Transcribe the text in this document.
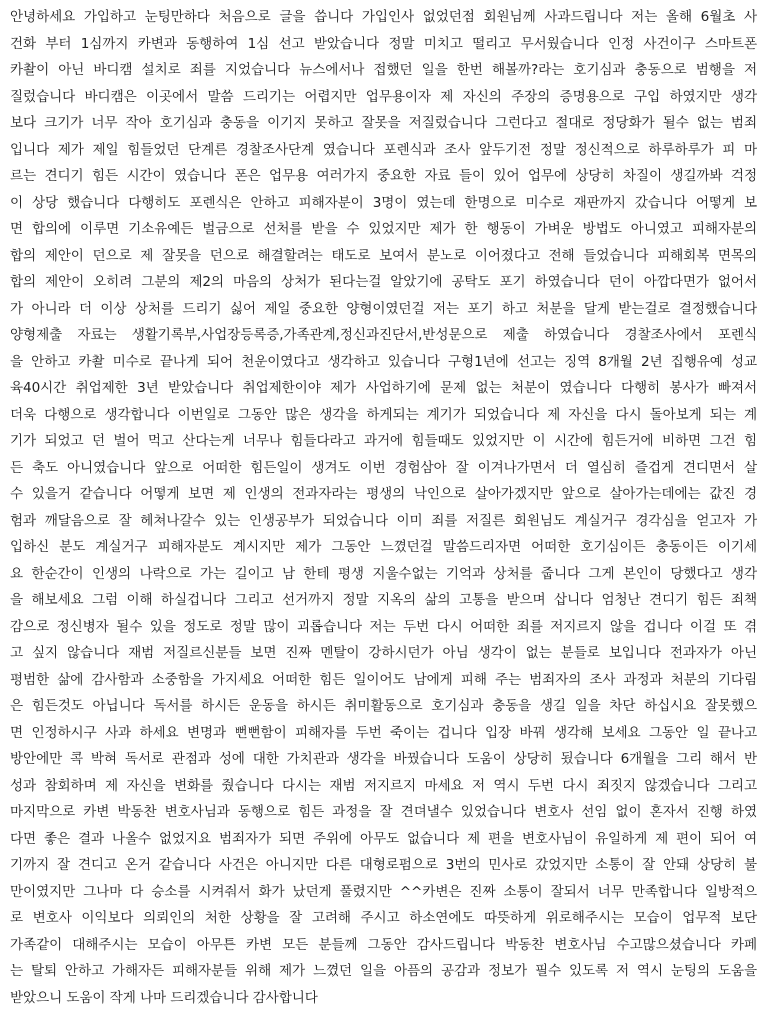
안녕하세요 가입하고 눈팅만하다 처음으로 글을 씁니다 가입인사 없었던점 회원님께 사과드립니다 저는 올해 6월초 사
건화 부터 1심까지 카변과 동행하여 1심 선고 받았습니다 정말 미치고 떨리고 무서웠습니다 인정 사건이구 스마트폰
카촬이 아닌 바디캠 설치로 죄를 지었습니다 뉴스에서나 접했던 일을 한번 해볼까?라는 호기심과 충동으로 범행을 저
질렀습니다 바디캠은 이곳에서 말씀 드리기는 어렵지만 업무용이자 제 자신의 주장의 증명용으로 구입 하였지만 생각
보다 크기가 너무 작아 호기심과 충동을 이기지 못하고 잘못을 저질렀습니다 그런다고 절대로 정당화가 될수 없는 범죄
입니다 제가 제일 힘들었던 단계른 경찰조사단계 였습니다 포렌식과 조사 앞두기전 정말 정신적으로 하루하루가 피 마
르는 견디기 힘든 시간이 였습니다 폰은 업무용 여러가지 중요한 자료 들이 있어 업무에 상당히 차질이 생길까봐 걱정
이 상당 했습니다 다행히도 포렌식은 안하고 피해자분이 3명이 였는데 한명으로 미수로 재판까지 갔습니다 어떻게 보
면 합의에 이루면 기소유예든 벌금으로 선처를 받을 수 있었지만 제가 한 행동이 가벼운 방법도 아니였고 피해자분의
합의 제안이 던으로 제 잘못을 던으로 해결할려는 태도로 보여서 분노로 이어졌다고 전해 들었습니다 피해회복 면목의
합의 제안이 오히려 그분의 제2의 마음의 상처가 된다는걸 알았기에 공탁도 포기 하였습니다 던이 아깝다면가 없어서
가 아니라 더 이상 상처를 드리기 싫어 제일 중요한 양형이였던걸 저는 포기 하고 처분을 달게 받는걸로 결정했습니다
양형제출 자료는 생활기록부,사업장등록증,가족관계,정신과진단서,반성문으로 제출 하였습니다 경찰조사에서 포렌식
을 안하고 카촬 미수로 끝나게 되어 천운이였다고 생각하고 있습니다 구형1년에 선고는 징역 8개월 2년 집행유예 성교
육40시간 취업제한 3년 받았습니다 취업제한이야 제가 사업하기에 문제 없는 처분이 였습니다 다행히 봉사가 빠져서
더욱 다행으로 생각합니다 이번일로 그동안 많은 생각을 하게되는 계기가 되었습니다 제 자신을 다시 돌아보게 되는 계
기가 되었고 던 벌어 먹고 산다는게 너무나 힘들다라고 과거에 힘들때도 있었지만 이 시간에 힘든거에 비하면 그건 힘
든 축도 아니였습니다 앞으로 어떠한 힘든일이 생겨도 이번 경험삼아 잘 이겨나가면서 더 열심히 즐겁게 견디면서 살
수 있을거 같습니다 어떻게 보면 제 인생의 전과자라는 평생의 낙인으로 살아가겠지만 앞으로 살아가는데에는 값진 경
험과 깨달음으로 잘 헤쳐나갈수 있는 인생공부가 되었습니다 이미 죄를 저질른 회원님도 계실거구 경각심을 얻고자 가
입하신 분도 계실거구 피해자분도 계시지만 제가 그동안 느꼈던걸 말씀드리자면 어떠한 호기심이든 충동이든 이기세
요 한순간이 인생의 나락으로 가는 길이고 남 한테 평생 지울수없는 기억과 상처를 줍니다 그게 본인이 당했다고 생각
을 해보세요 그럼 이해 하실겁니다 그리고 선거까지 정말 지옥의 삶의 고통을 받으며 삽니다 엄청난 견디기 힘든 죄책
감으로 정신병자 될수 있을 정도로 정말 많이 괴롭습니다 저는 두번 다시 어떠한 죄를 저지르지 않을 겁니다 이걸 또 겪
고 싶지 않습니다 재범 저질르신분들 보면 진짜 멘탈이 강하시던가 아님 생각이 없는 분들로 보입니다 전과자가 아닌
평범한 삶에 감사함과 소중함을 가지세요 어떠한 힘든 일이어도 남에게 피해 주는 범죄자의 조사 과정과 처분의 기다림
은 힘든것도 아닙니다 독서를 하시든 운동을 하시든 취미활동으로 호기심과 충동을 생길 일을 차단 하십시요 잘못했으
면 인정하시구 사과 하세요 변명과 뻔뻔함이 피해자를 두번 죽이는 겁니다 입장 바꿔 생각해 보세요 그동안 일 끝나고
방안에만 콕 박혀 독서로 관점과 성에 대한 가치관과 생각을 바꿨습니다 도움이 상당히 됬습니다 6개월을 그리 해서 반
성과 참회하며 제 자신을 변화를 줬습니다 다시는 재범 저지르지 마세요 저 역시 두번 다시 죄짓지 않겠습니다 그리고
마지막으로 카변 박동찬 변호사님과 동행으로 힘든 과정을 잘 견뎌낼수 있었습니다 변호사 선임 없이 혼자서 진행 하였
다면 좋은 결과 나올수 없었지요 범죄자가 되면 주위에 아무도 없습니다 제 편을 변호사님이 유일하게 제 편이 되어 여
기까지 잘 견디고 온거 같습니다 사건은 아니지만 다른 대형로펌으로 3번의 민사로 갔었지만 소통이 잘 안돼 상당히 불
만이였지만 그나마 다 승소를 시켜줘서 화가 났던게 풀렸지만 ^^카변은 진짜 소통이 잘되서 너무 만족합니다 일방적으
로 변호사 이익보다 의뢰인의 처한 상황을 잘 고려해 주시고 하소연에도 따뜻하게 위로해주시는 모습이 업무적 보단
가족같이 대해주시는 모습이 아무튼 카변 모든 분들께 그동안 감사드립니다 박동찬 변호사님 수고많으셨습니다 카페
는 탈퇴 안하고 가해자든 피해자분들 위해 제가 느꼈던 일을 아픔의 공감과 정보가 필수 있도록 저 역시 눈팅의 도움을
받았으니 도움이 작게 나마 드리겠습니다 감사합니다
